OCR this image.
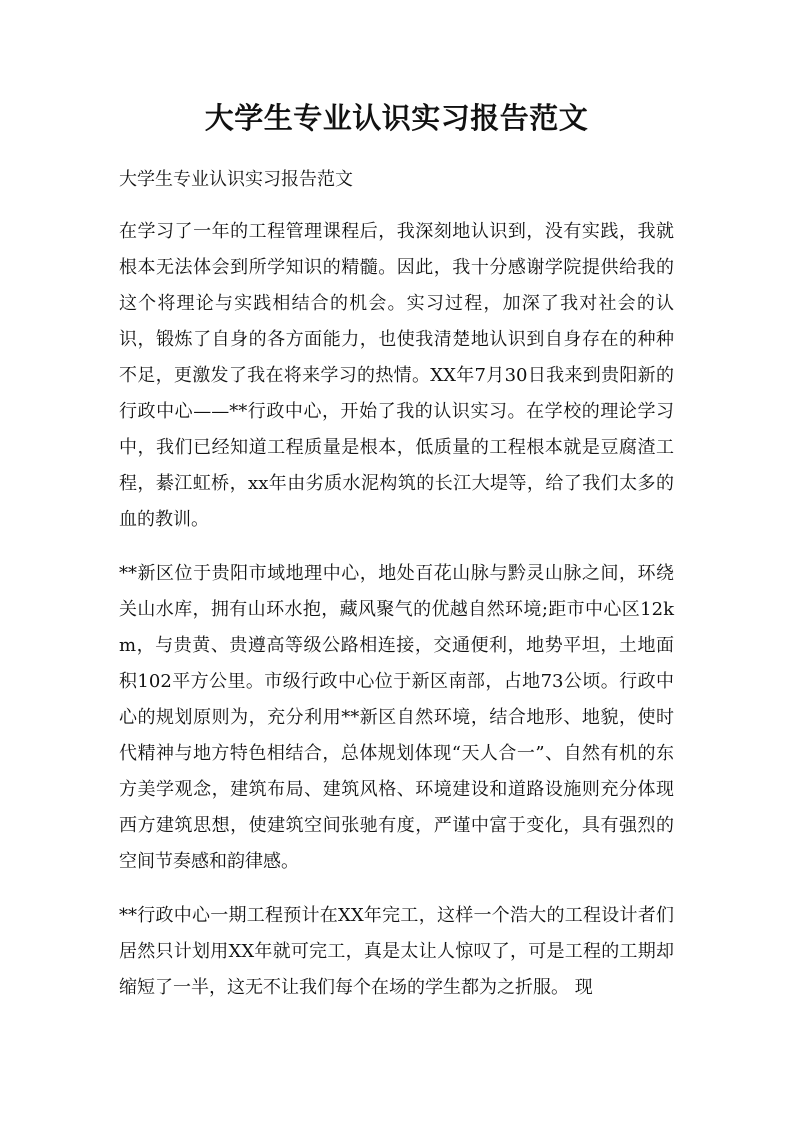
大学生专业认识实习报告范文
大学生专业认识实习报告范文

在学习了一年的工程管理课程后，我深刻地认识到，没有实践，我就根本无法体会到所学知识的精髓。因此，我十分感谢学院提供给我的这个将理论与实践相结合的机会。实习过程，加深了我对社会的认识，锻炼了自身的各方面能力，也使我清楚地认识到自身存在的种种不足，更激发了我在将来学习的热情。XX年7月30日我来到贵阳新的行政中心——**行政中心，开始了我的认识实习。在学校的理论学习中，我们已经知道工程质量是根本，低质量的工程根本就是豆腐渣工程，綦江虹桥，xx年由劣质水泥构筑的长江大堤等，给了我们太多的血的教训。

**新区位于贵阳市域地理中心，地处百花山脉与黔灵山脉之间，环绕关山水库，拥有山环水抱，藏风聚气的优越自然环境;距市中心区12km，与贵黄、贵遵高等级公路相连接，交通便利，地势平坦，土地面积102平方公里。市级行政中心位于新区南部，占地73公顷。行政中心的规划原则为，充分利用**新区自然环境，结合地形、地貌，使时代精神与地方特色相结合，总体规划体现“天人合一”、自然有机的东方美学观念，建筑布局、建筑风格、环境建设和道路设施则充分体现西方建筑思想，使建筑空间张驰有度，严谨中富于变化，具有强烈的空间节奏感和韵律感。

**行政中心一期工程预计在XX年完工，这样一个浩大的工程设计者们居然只计划用XX年就可完工，真是太让人惊叹了，可是工程的工期却缩短了一半，这无不让我们每个在场的学生都为之折服。 现
